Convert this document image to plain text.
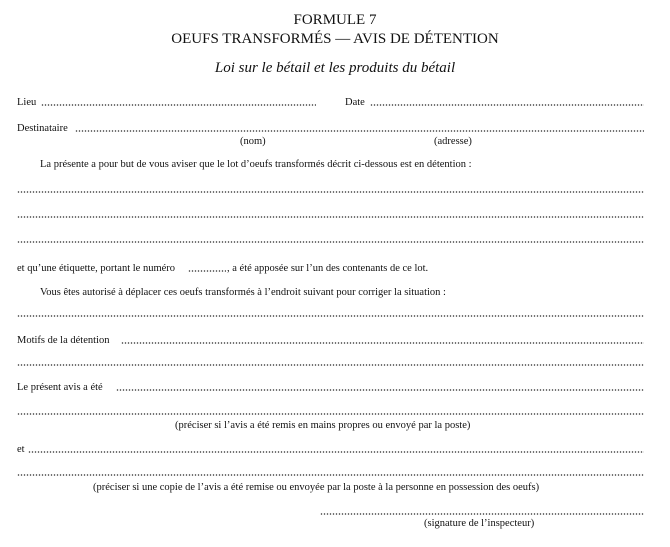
FORMULE 7
OEUFS TRANSFORMÉS — AVIS DE DÉTENTION
Loi sur le bétail et les produits du bétail
Lieu	Date
Destinataire
(nom)	(adresse)
La présente a pour but de vous aviser que le lot d’oeufs transformés décrit ci-dessous est en détention :
et qu’une étiquette, portant le numéro	, a été apposée sur l’un des contenants de ce lot.
Vous êtes autorisé à déplacer ces oeufs transformés à l’endroit suivant pour corriger la situation :
Motifs de la détention
Le présent avis a été
(préciser si l’avis a été remis en mains propres ou envoyé par la poste)
et
(préciser si une copie de l’avis a été remise ou envoyée par la poste à la personne en possession des oeufs)
(signature de l’inspecteur)
